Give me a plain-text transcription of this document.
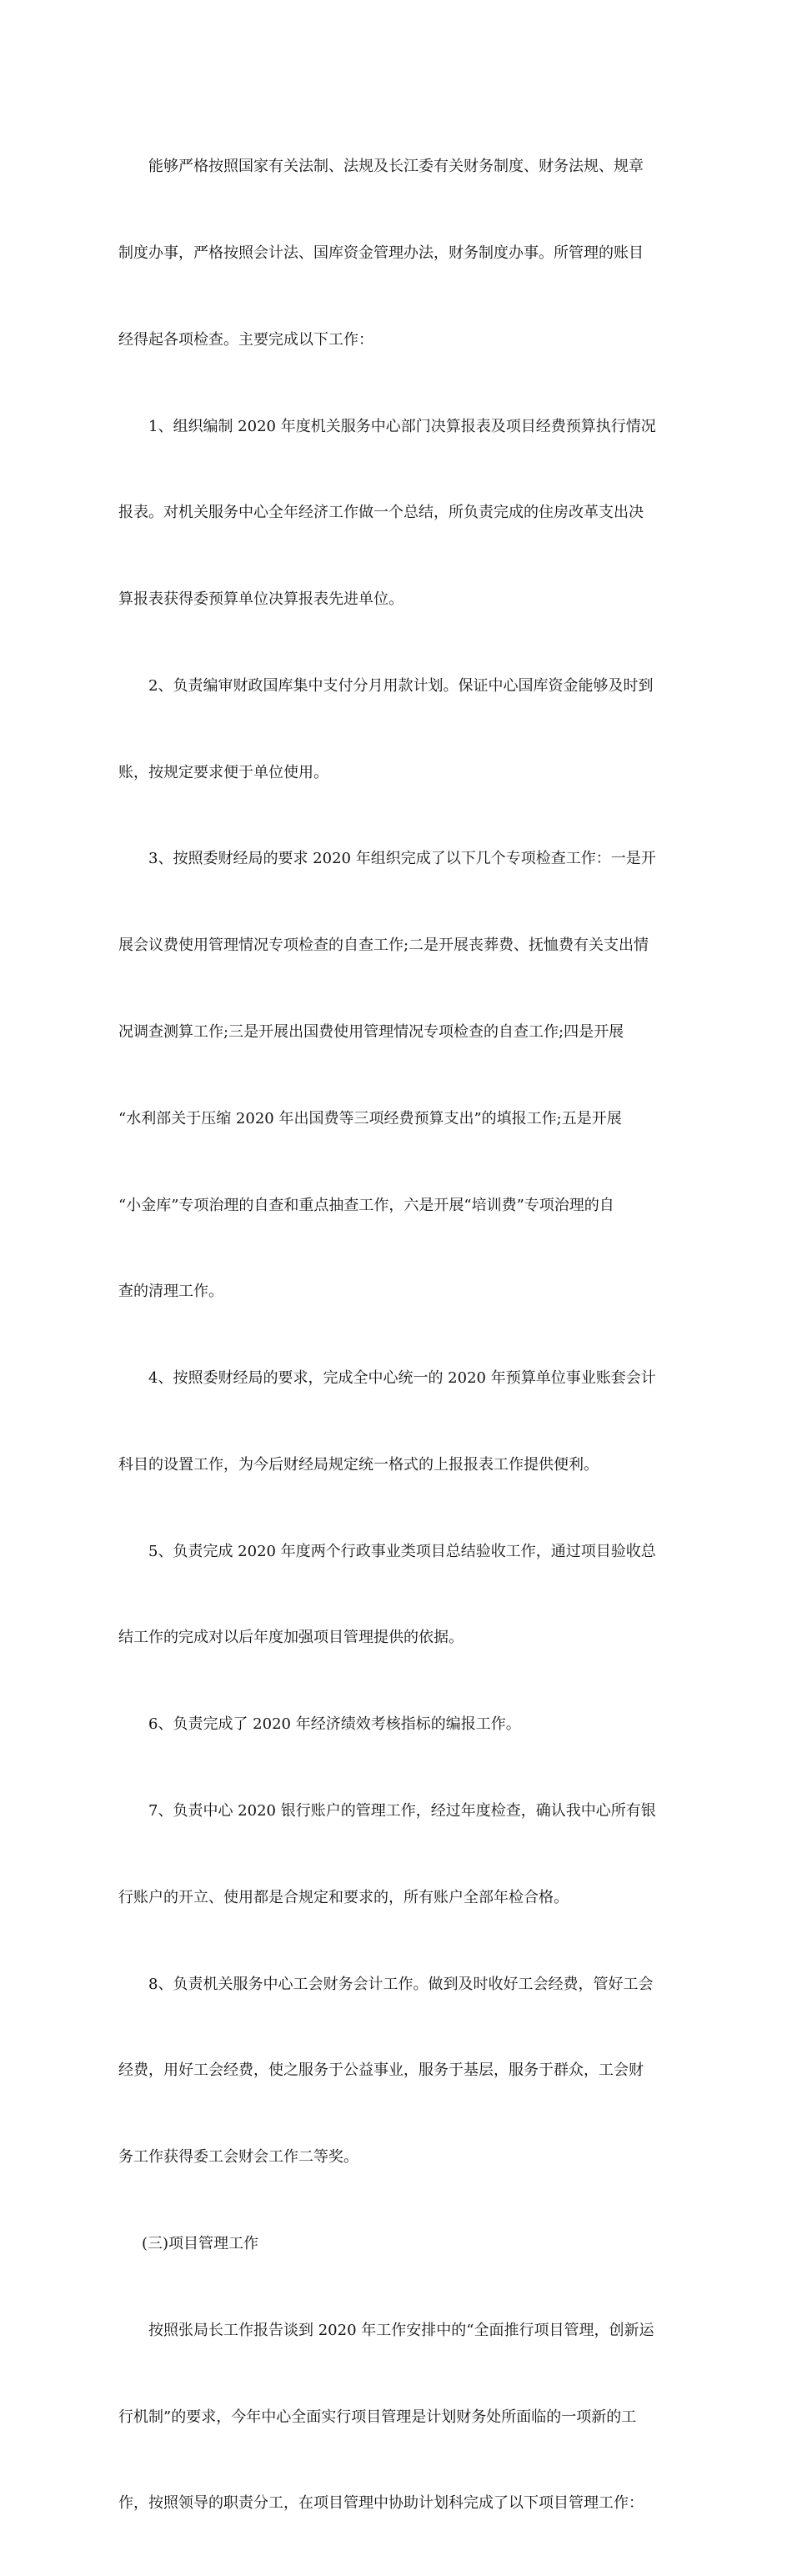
能够严格按照国家有关法制、法规及长江委有关财务制度、财务法规、规章

制度办事，严格按照会计法、国库资金管理办法，财务制度办事。所管理的账目

经得起各项检查。主要完成以下工作：

1、组织编制 2020 年度机关服务中心部门决算报表及项目经费预算执行情况

报表。对机关服务中心全年经济工作做一个总结，所负责完成的住房改革支出决

算报表获得委预算单位决算报表先进单位。

2、负责编审财政国库集中支付分月用款计划。保证中心国库资金能够及时到

账，按规定要求便于单位使用。

3、按照委财经局的要求 2020 年组织完成了以下几个专项检查工作：一是开

展会议费使用管理情况专项检查的自查工作;二是开展丧葬费、抚恤费有关支出情

况调查测算工作;三是开展出国费使用管理情况专项检查的自查工作;四是开展

“水利部关于压缩 2020 年出国费等三项经费预算支出”的填报工作;五是开展

“小金库”专项治理的自查和重点抽查工作，六是开展“培训费”专项治理的自

查的清理工作。

4、按照委财经局的要求，完成全中心统一的 2020 年预算单位事业账套会计

科目的设置工作，为今后财经局规定统一格式的上报报表工作提供便利。

5、负责完成 2020 年度两个行政事业类项目总结验收工作，通过项目验收总

结工作的完成对以后年度加强项目管理提供的依据。

6、负责完成了 2020 年经济绩效考核指标的编报工作。

7、负责中心 2020 银行账户的管理工作，经过年度检查，确认我中心所有银

行账户的开立、使用都是合规定和要求的，所有账户全部年检合格。

8、负责机关服务中心工会财务会计工作。做到及时收好工会经费，管好工会

经费，用好工会经费，使之服务于公益事业，服务于基层，服务于群众，工会财

务工作获得委工会财会工作二等奖。

(三)项目管理工作

按照张局长工作报告谈到 2020 年工作安排中的“全面推行项目管理，创新运

行机制”的要求，今年中心全面实行项目管理是计划财务处所面临的一项新的工

作，按照领导的职责分工，在项目管理中协助计划科完成了以下项目管理工作：
